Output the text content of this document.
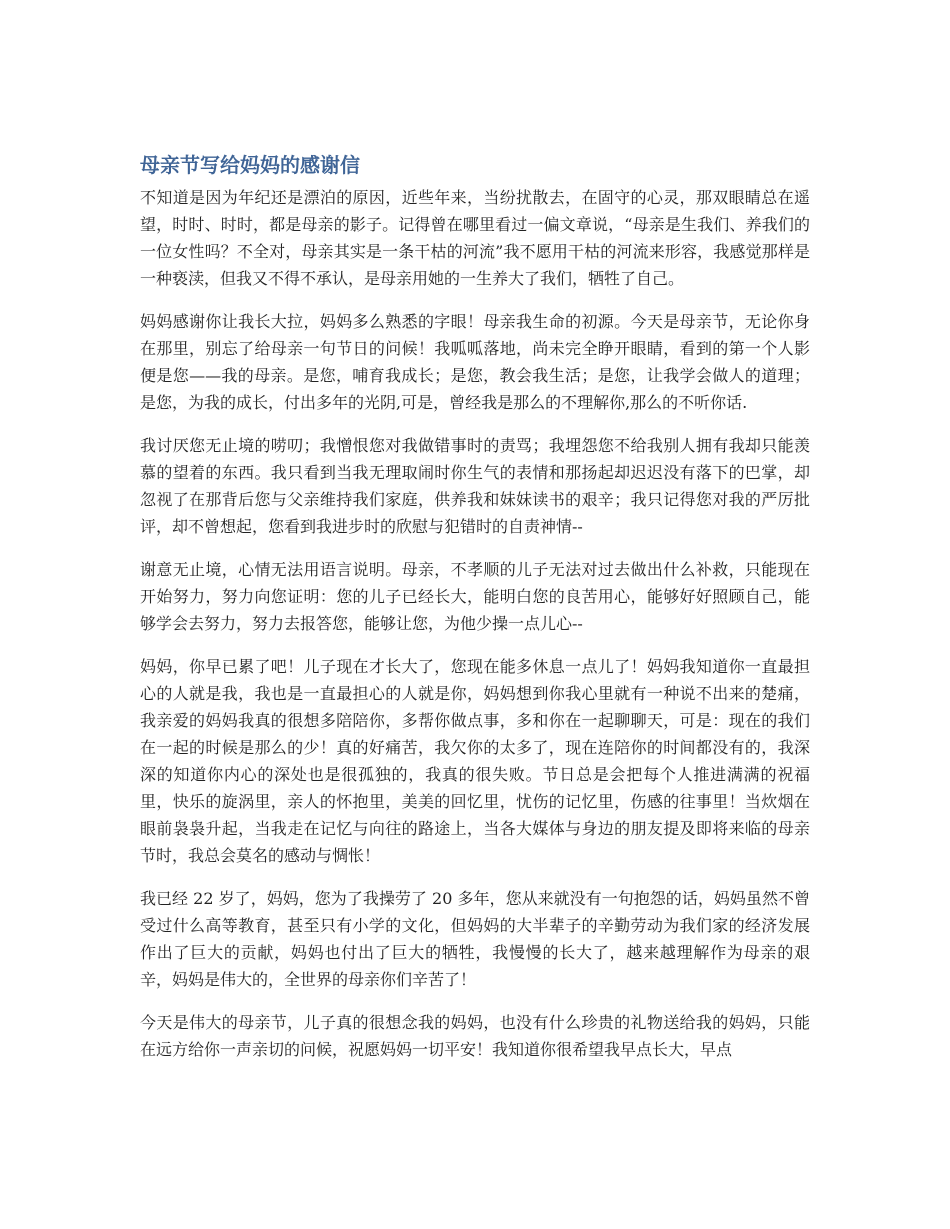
母亲节写给妈妈的感谢信

不知道是因为年纪还是漂泊的原因，近些年来，当纷扰散去，在固守的心灵，那双眼睛总在遥望，时时、时时，都是母亲的影子。记得曾在哪里看过一偏文章说，“母亲是生我们、养我们的一位女性吗？不全对，母亲其实是一条干枯的河流”我不愿用干枯的河流来形容，我感觉那样是一种亵渎，但我又不得不承认，是母亲用她的一生养大了我们，牺牲了自己。

妈妈感谢你让我长大拉，妈妈多么熟悉的字眼！母亲我生命的初源。今天是母亲节，无论你身在那里，别忘了给母亲一句节日的问候！我呱呱落地，尚未完全睁开眼睛，看到的第一个人影便是您——我的母亲。是您，哺育我成长；是您，教会我生活；是您，让我学会做人的道理；是您，为我的成长，付出多年的光阴,可是，曾经我是那么的不理解你,那么的不听你话.

我讨厌您无止境的唠叨；我憎恨您对我做错事时的责骂；我埋怨您不给我别人拥有我却只能羡慕的望着的东西。我只看到当我无理取闹时你生气的表情和那扬起却迟迟没有落下的巴掌，却忽视了在那背后您与父亲维持我们家庭，供养我和妹妹读书的艰辛；我只记得您对我的严厉批评，却不曾想起，您看到我进步时的欣慰与犯错时的自责神情--

谢意无止境，心情无法用语言说明。母亲，不孝顺的儿子无法对过去做出什么补救，只能现在开始努力，努力向您证明：您的儿子已经长大，能明白您的良苦用心，能够好好照顾自己，能够学会去努力，努力去报答您，能够让您，为他少操一点儿心--

妈妈，你早已累了吧！儿子现在才长大了，您现在能多休息一点儿了！妈妈我知道你一直最担心的人就是我，我也是一直最担心的人就是你，妈妈想到你我心里就有一种说不出来的楚痛，我亲爱的妈妈我真的很想多陪陪你，多帮你做点事，多和你在一起聊聊天，可是：现在的我们在一起的时候是那么的少！真的好痛苦，我欠你的太多了，现在连陪你的时间都没有的，我深深的知道你内心的深处也是很孤独的，我真的很失败。节日总是会把每个人推进满满的祝福里，快乐的旋涡里，亲人的怀抱里，美美的回忆里，忧伤的记忆里，伤感的往事里！当炊烟在眼前袅袅升起，当我走在记忆与向往的路途上，当各大媒体与身边的朋友提及即将来临的母亲节时，我总会莫名的感动与惆怅！

我已经 22 岁了，妈妈，您为了我操劳了 20 多年，您从来就没有一句抱怨的话，妈妈虽然不曾受过什么高等教育，甚至只有小学的文化，但妈妈的大半辈子的辛勤劳动为我们家的经济发展作出了巨大的贡献，妈妈也付出了巨大的牺牲，我慢慢的长大了，越来越理解作为母亲的艰辛，妈妈是伟大的，全世界的母亲你们辛苦了！

今天是伟大的母亲节，儿子真的很想念我的妈妈，也没有什么珍贵的礼物送给我的妈妈，只能在远方给你一声亲切的问候，祝愿妈妈一切平安！我知道你很希望我早点长大，早点
